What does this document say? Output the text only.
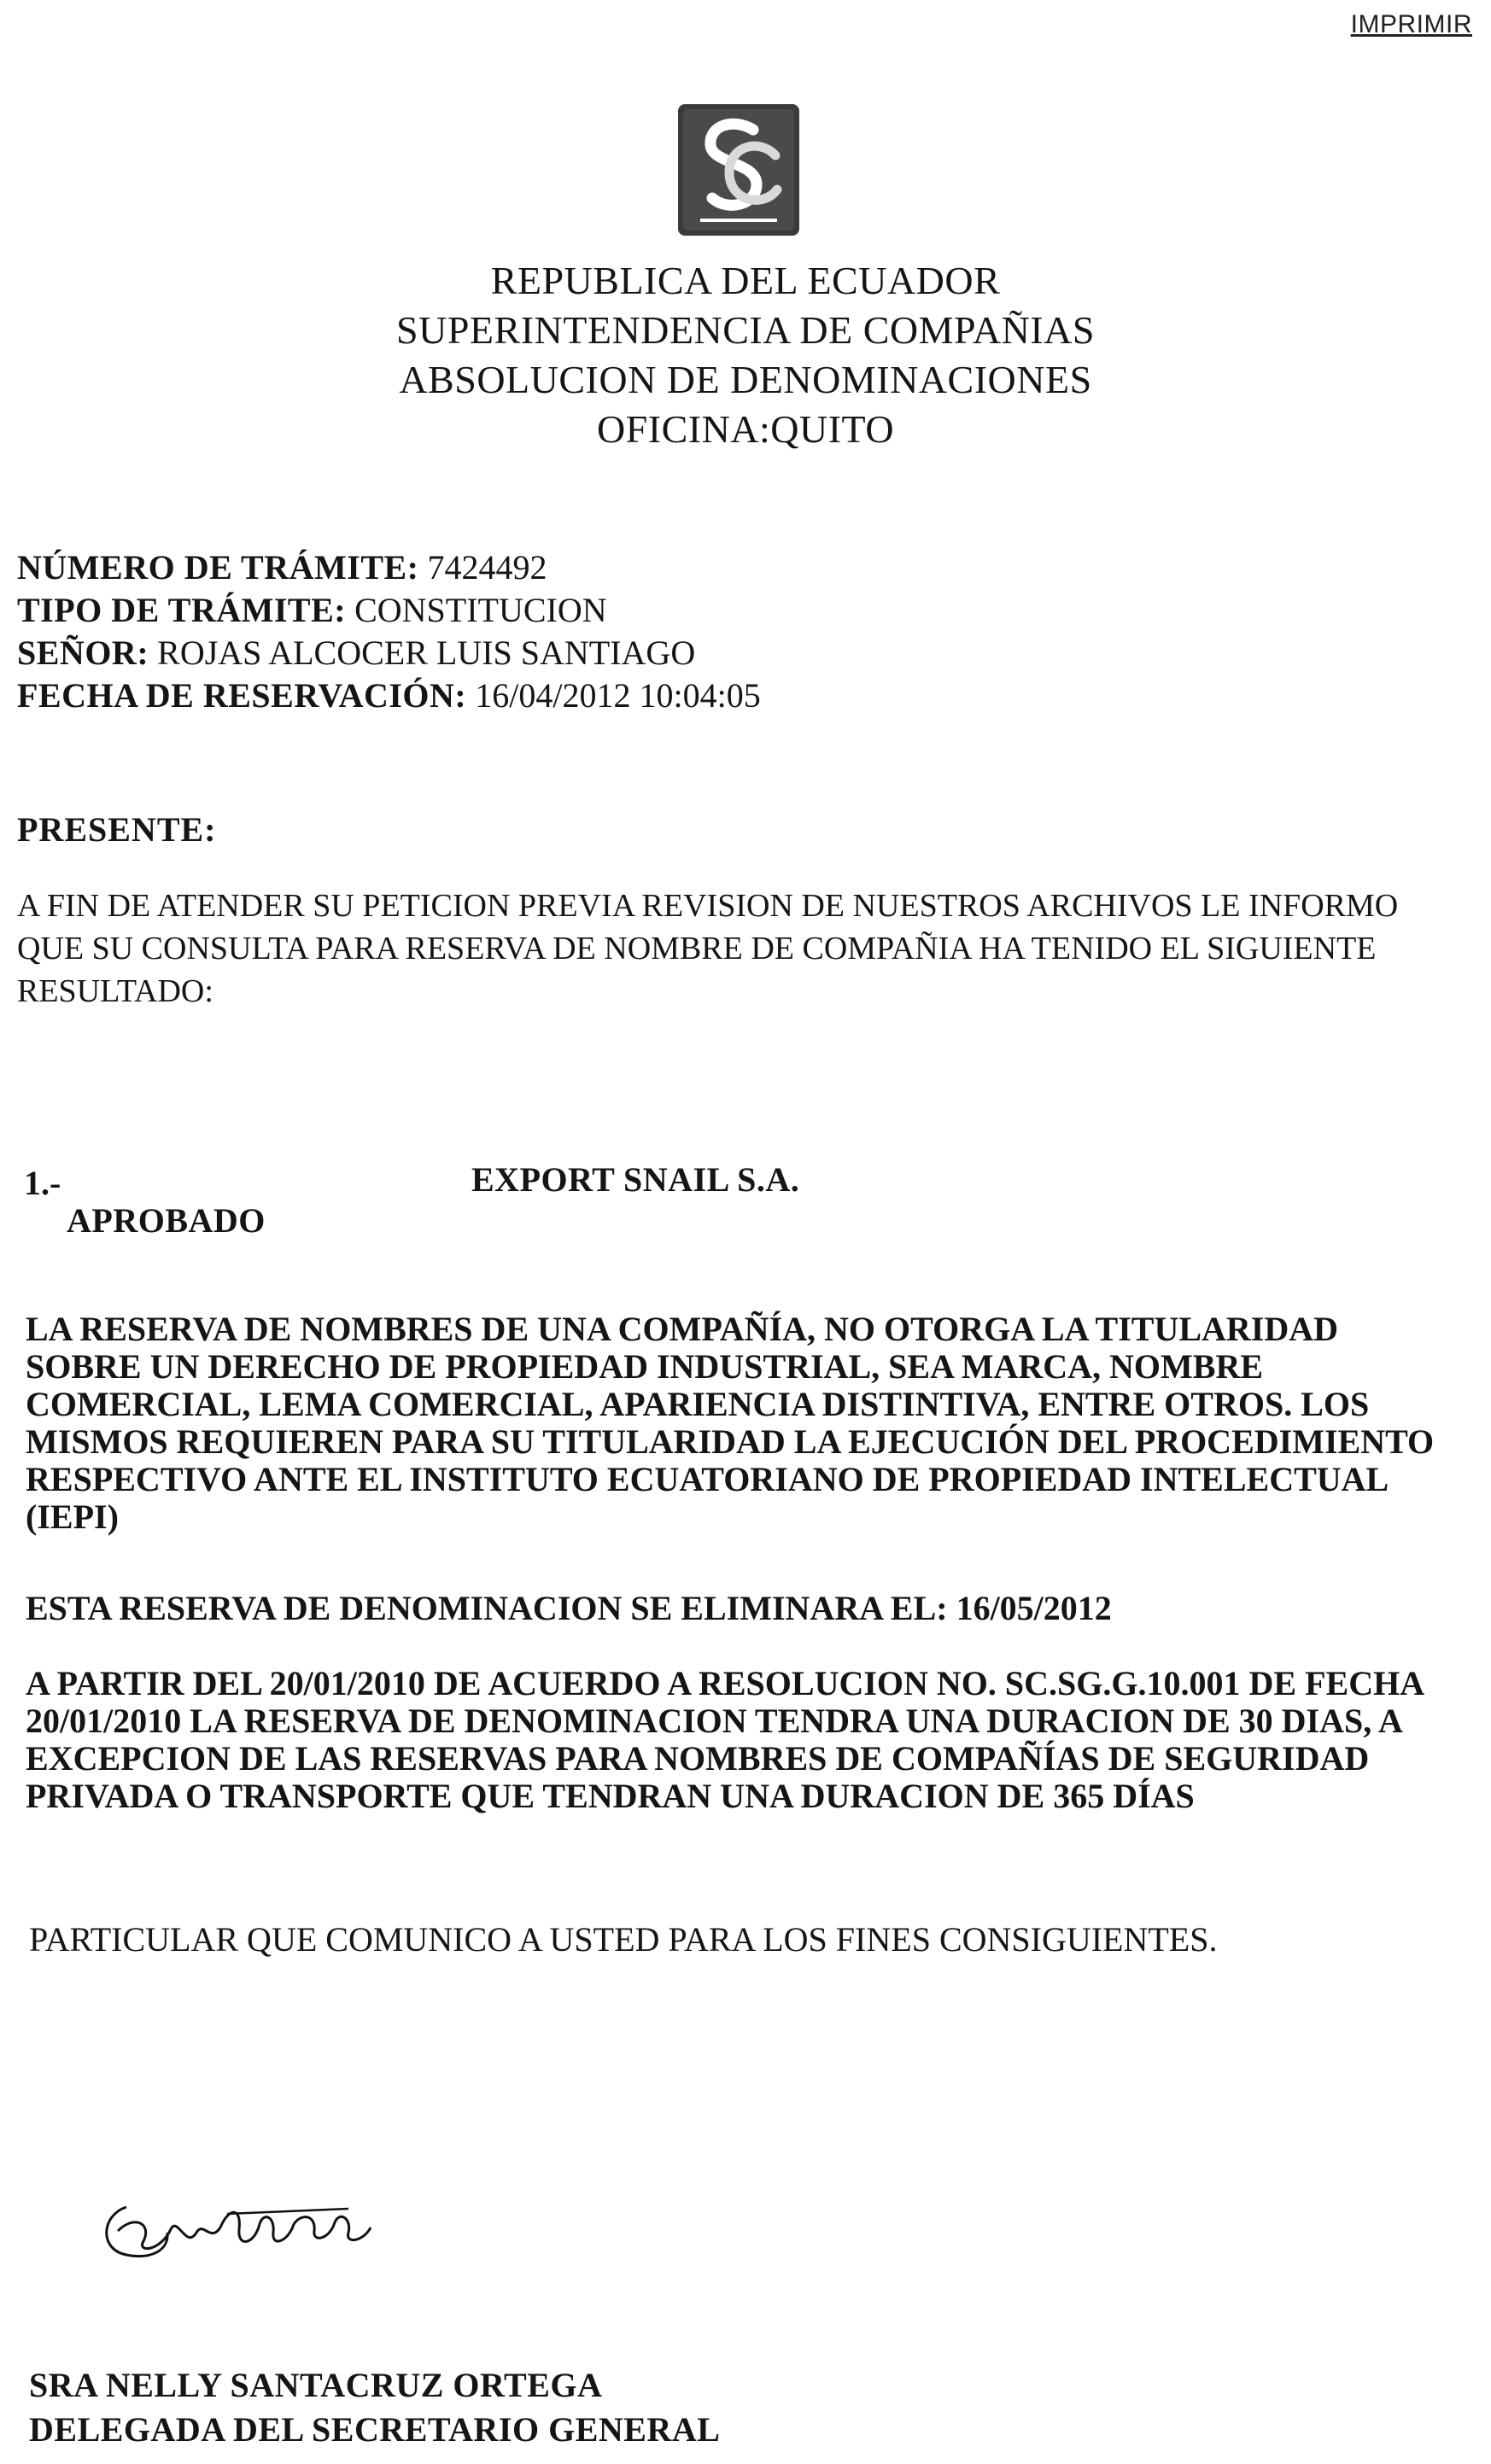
IMPRIMIR
REPUBLICA DEL ECUADOR
SUPERINTENDENCIA DE COMPAÑIAS
ABSOLUCION DE DENOMINACIONES
OFICINA:QUITO
NÚMERO DE TRÁMITE: 7424492
TIPO DE TRÁMITE: CONSTITUCION
SEÑOR: ROJAS ALCOCER LUIS SANTIAGO
FECHA DE RESERVACIÓN: 16/04/2012 10:04:05
PRESENTE:
A FIN DE ATENDER SU PETICION PREVIA REVISION DE NUESTROS ARCHIVOS LE INFORMO QUE SU CONSULTA PARA RESERVA DE NOMBRE DE COMPAÑIA HA TENIDO EL SIGUIENTE RESULTADO:
1.-
APROBADO
EXPORT SNAIL S.A.
LA RESERVA DE NOMBRES DE UNA COMPAÑÍA, NO OTORGA LA TITULARIDAD SOBRE UN DERECHO DE PROPIEDAD INDUSTRIAL, SEA MARCA, NOMBRE COMERCIAL, LEMA COMERCIAL, APARIENCIA DISTINTIVA, ENTRE OTROS. LOS MISMOS REQUIEREN PARA SU TITULARIDAD LA EJECUCIÓN DEL PROCEDIMIENTO RESPECTIVO ANTE EL INSTITUTO ECUATORIANO DE PROPIEDAD INTELECTUAL (IEPI)
ESTA RESERVA DE DENOMINACION SE ELIMINARA EL: 16/05/2012
A PARTIR DEL 20/01/2010 DE ACUERDO A RESOLUCION NO. SC.SG.G.10.001 DE FECHA 20/01/2010 LA RESERVA DE DENOMINACION TENDRA UNA DURACION DE 30 DIAS, A EXCEPCION DE LAS RESERVAS PARA NOMBRES DE COMPAÑÍAS DE SEGURIDAD PRIVADA O TRANSPORTE QUE TENDRAN UNA DURACION DE 365 DÍAS
PARTICULAR QUE COMUNICO A USTED PARA LOS FINES CONSIGUIENTES.
SRA NELLY SANTACRUZ ORTEGA
DELEGADA DEL SECRETARIO GENERAL
